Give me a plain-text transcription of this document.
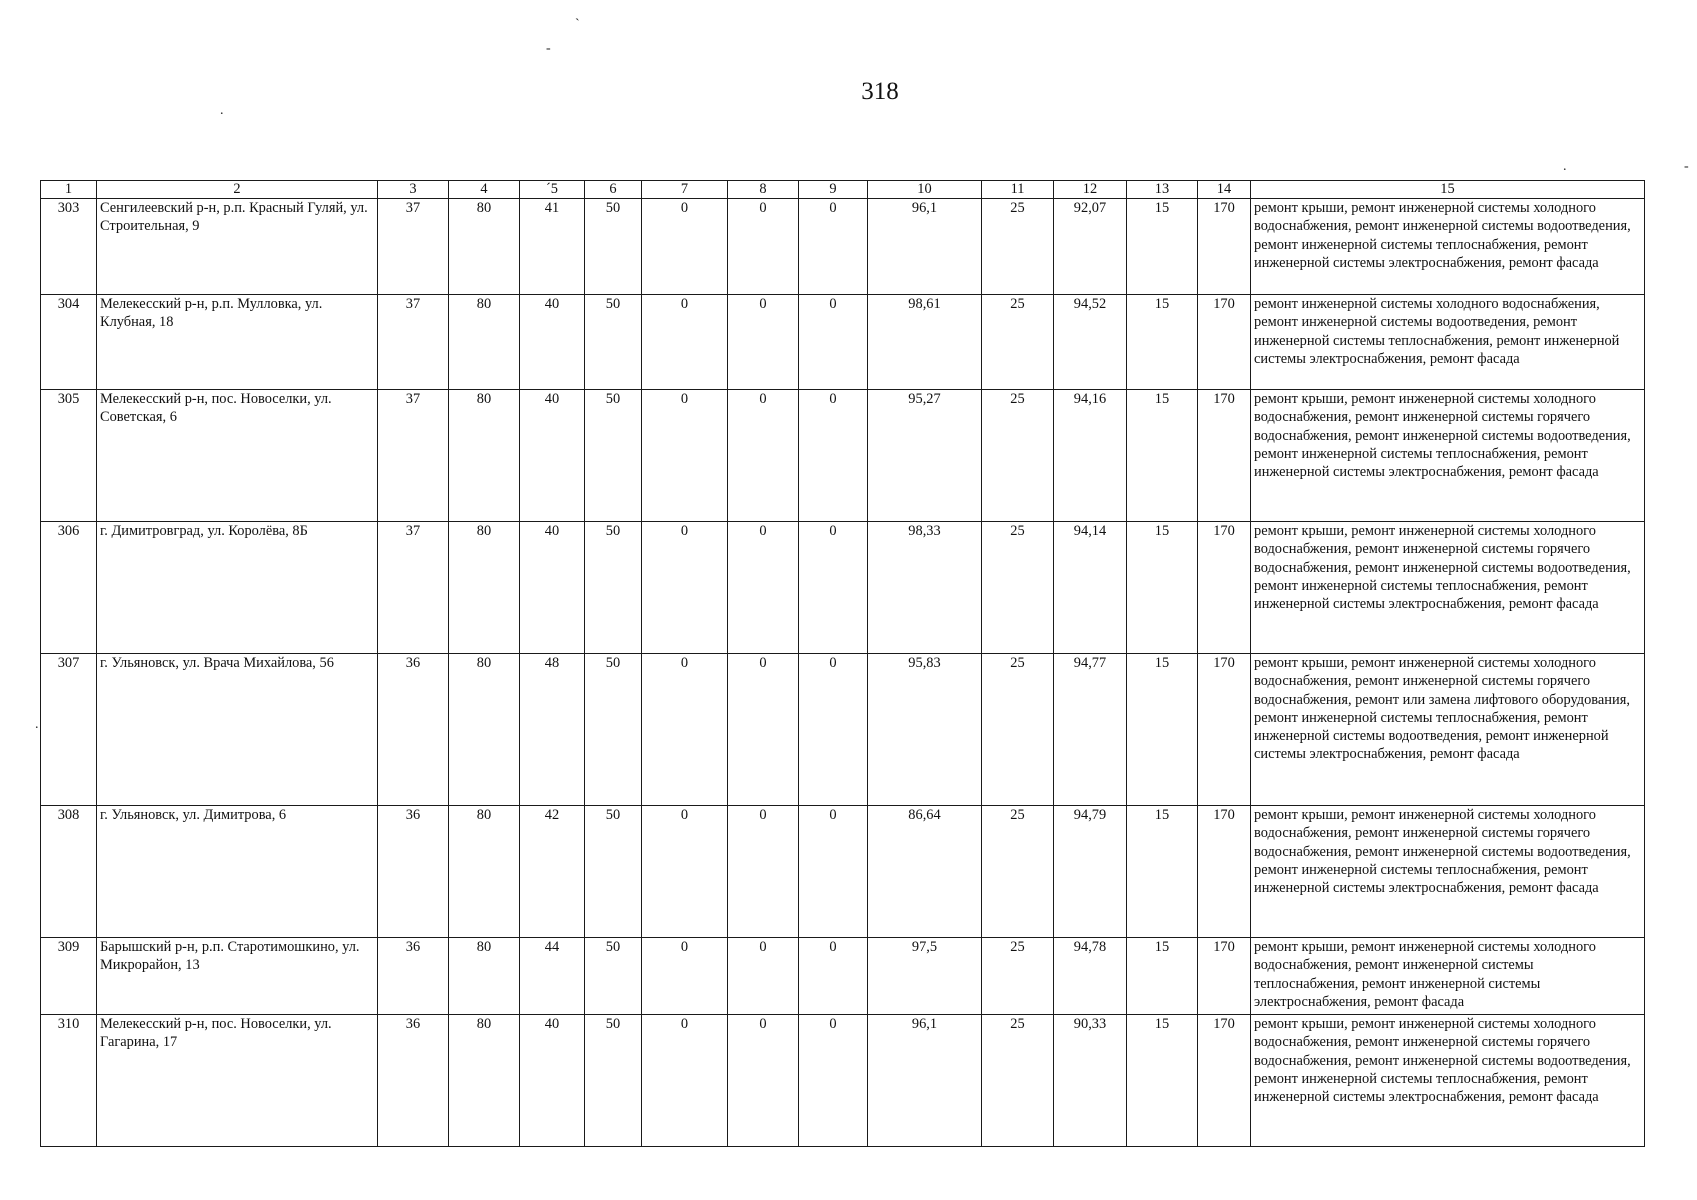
318
`
-
.
.	-
.
1	2	3	4	´5	6	7	8	9	10	11	12	13	14	15
303	Сенгилеевский р-н, р.п. Красный Гуляй, ул. Строительная, 9	37	80	41	50	0	0	0	96,1	25	92,07	15	170	ремонт крыши, ремонт инженерной системы холодного водоснабжения, ремонт инженерной системы водоотведения, ремонт инженерной системы теплоснабжения, ремонт инженерной системы электроснабжения, ремонт фасада
304	Мелекесский р-н, р.п. Мулловка, ул. Клубная, 18	37	80	40	50	0	0	0	98,61	25	94,52	15	170	ремонт инженерной системы холодного водоснабжения, ремонт инженерной системы водоотведения, ремонт инженерной системы теплоснабжения, ремонт инженерной системы электроснабжения, ремонт фасада
305	Мелекесский р-н, пос. Новоселки, ул. Советская, 6	37	80	40	50	0	0	0	95,27	25	94,16	15	170	ремонт крыши, ремонт инженерной системы холодного водоснабжения, ремонт инженерной системы горячего водоснабжения, ремонт инженерной системы водоотведения, ремонт инженерной системы теплоснабжения, ремонт инженерной системы электроснабжения, ремонт фасада
306	г. Димитровград, ул. Королёва, 8Б	37	80	40	50	0	0	0	98,33	25	94,14	15	170	ремонт крыши, ремонт инженерной системы холодного водоснабжения, ремонт инженерной системы горячего водоснабжения, ремонт инженерной системы водоотведения, ремонт инженерной системы теплоснабжения, ремонт инженерной системы электроснабжения, ремонт фасада
307	г. Ульяновск, ул. Врача Михайлова, 56	36	80	48	50	0	0	0	95,83	25	94,77	15	170	ремонт крыши, ремонт инженерной системы холодного водоснабжения, ремонт инженерной системы горячего водоснабжения, ремонт или замена лифтового оборудования, ремонт инженерной системы теплоснабжения, ремонт инженерной системы водоотведения, ремонт инженерной системы электроснабжения, ремонт фасада
308	г. Ульяновск, ул. Димитрова, 6	36	80	42	50	0	0	0	86,64	25	94,79	15	170	ремонт крыши, ремонт инженерной системы холодного водоснабжения, ремонт инженерной системы горячего водоснабжения, ремонт инженерной системы водоотведения, ремонт инженерной системы теплоснабжения, ремонт инженерной системы электроснабжения, ремонт фасада
309	Барышский р-н, р.п. Старотимошкино, ул. Микрорайон, 13	36	80	44	50	0	0	0	97,5	25	94,78	15	170	ремонт крыши, ремонт инженерной системы холодного водоснабжения, ремонт инженерной системы теплоснабжения, ремонт инженерной системы электроснабжения, ремонт фасада
310	Мелекесский р-н, пос. Новоселки, ул. Гагарина, 17	36	80	40	50	0	0	0	96,1	25	90,33	15	170	ремонт крыши, ремонт инженерной системы холодного водоснабжения, ремонт инженерной системы горячего водоснабжения, ремонт инженерной системы водоотведения, ремонт инженерной системы теплоснабжения, ремонт инженерной системы электроснабжения, ремонт фасада
